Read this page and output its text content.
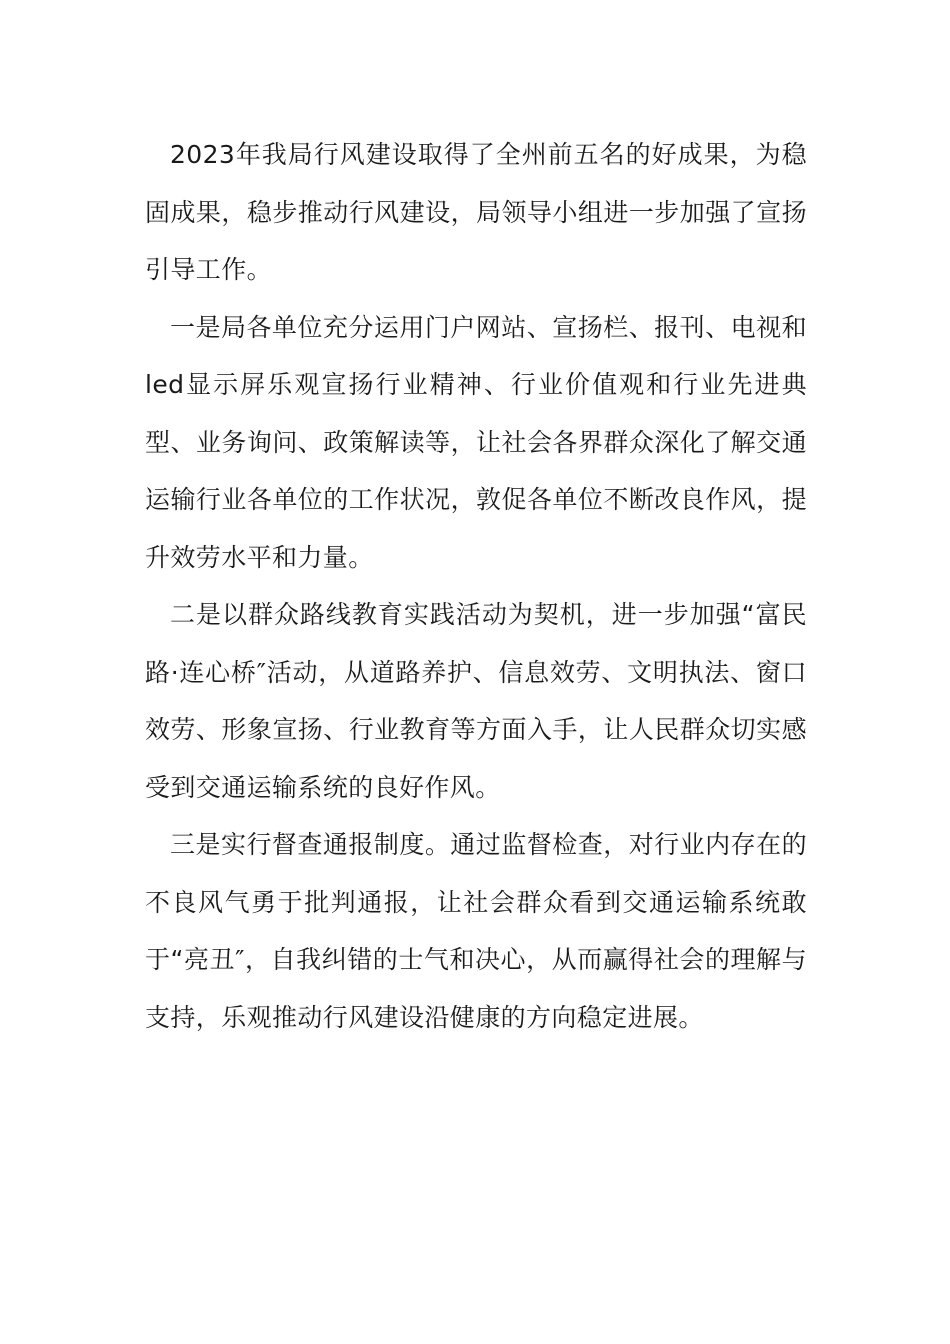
2023年我局行风建设取得了全州前五名的好成果，为稳固成果，稳步推动行风建设，局领导小组进一步加强了宣扬引导工作。

一是局各单位充分运用门户网站、宣扬栏、报刊、电视和led显示屏乐观宣扬行业精神、行业价值观和行业先进典型、业务询问、政策解读等，让社会各界群众深化了解交通运输行业各单位的工作状况，敦促各单位不断改良作风，提升效劳水平和力量。

二是以群众路线教育实践活动为契机，进一步加强“富民路·连心桥″活动，从道路养护、信息效劳、文明执法、窗口效劳、形象宣扬、行业教育等方面入手，让人民群众切实感受到交通运输系统的良好作风。

三是实行督查通报制度。通过监督检查，对行业内存在的不良风气勇于批判通报，让社会群众看到交通运输系统敢于“亮丑″，自我纠错的士气和决心，从而赢得社会的理解与支持，乐观推动行风建设沿健康的方向稳定进展。
